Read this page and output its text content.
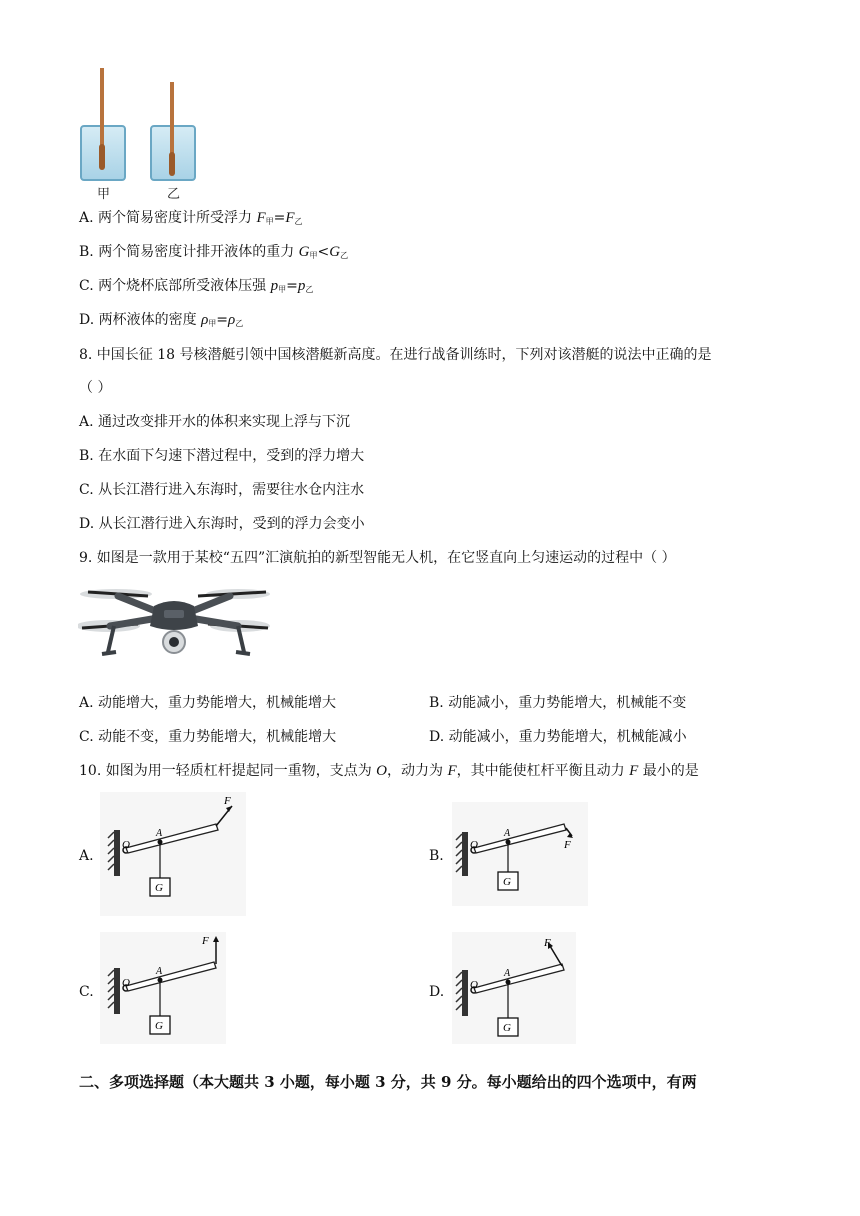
甲	乙
A. 两个简易密度计所受浮力 $F_甲=F_乙$
B. 两个简易密度计排开液体的重力 $G_甲<G_乙$
C. 两个烧杯底部所受液体压强 $p_甲=p_乙$
D. 两杯液体的密度 $\rho_甲=\rho_乙$
8. 中国长征 18 号核潜艇引领中国核潜艇新高度。在进行战备训练时，下列对该潜艇的说法中正确的是
（ ）
A. 通过改变排开水的体积来实现上浮与下沉
B. 在水面下匀速下潜过程中，受到的浮力增大
C. 从长江潜行进入东海时，需要往水仓内注水
D. 从长江潜行进入东海时，受到的浮力会变小
9. 如图是一款用于某校“五四”汇演航拍的新型智能无人机，在它竖直向上匀速运动的过程中（ ）
A. 动能增大，重力势能增大，机械能增大	B. 动能减小，重力势能增大，机械能不变
C. 动能不变，重力势能增大，机械能增大	D. 动能减小，重力势能增大，机械能减小
10. 如图为用一轻质杠杆提起同一重物，支点为 O，动力为 F，其中能使杠杆平衡且动力 F 最小的是
A.	B.
C.	D.
O
A
F
G
O
A
F
G
O
A
F
G
O
A
F
G
二、多项选择题（本大题共 3 小题，每小题 3 分，共 9 分。每小题给出的四个选项中，有两
